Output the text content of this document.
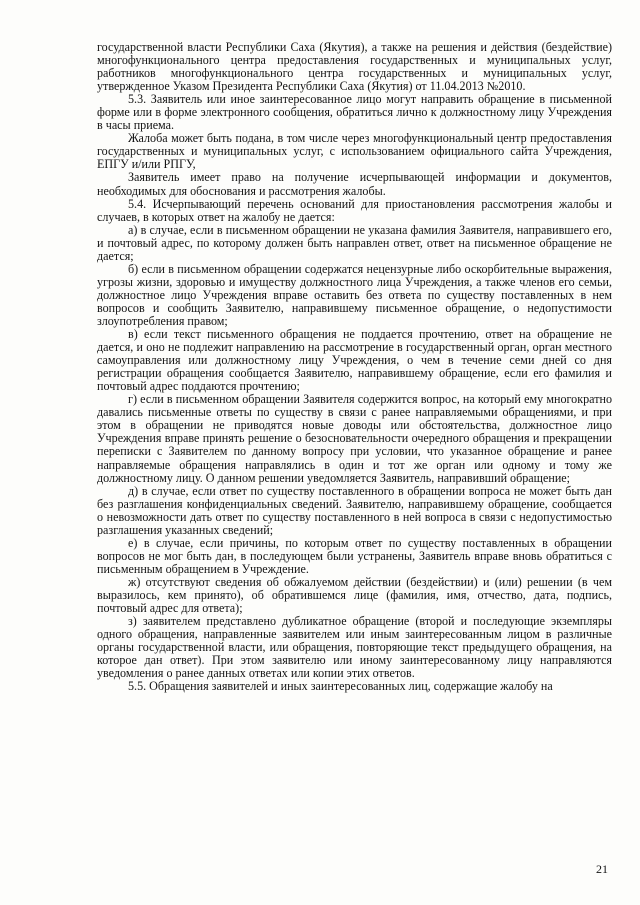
государственной власти Республики Саха (Якутия), а также на решения и действия (бездействие) многофункционального центра предоставления государственных и муниципальных услуг, работников многофункционального центра государственных и муниципальных услуг, утвержденное Указом Президента Республики Саха (Якутия) от 11.04.2013 №2010.

5.3. Заявитель или иное заинтересованное лицо могут направить обращение в письменной форме или в форме электронного сообщения, обратиться лично к должностному лицу Учреждения в часы приема.

Жалоба может быть подана, в том числе через многофункциональный центр предоставления государственных и муниципальных услуг, с использованием официального сайта Учреждения, ЕПГУ и/или РПГУ,

Заявитель имеет право на получение исчерпывающей информации и документов, необходимых для обоснования и рассмотрения жалобы.

5.4. Исчерпывающий перечень оснований для приостановления рассмотрения жалобы и случаев, в которых ответ на жалобу не дается:

а) в случае, если в письменном обращении не указана фамилия Заявителя, направившего его, и почтовый адрес, по которому должен быть направлен ответ, ответ на письменное обращение не дается;

б) если в письменном обращении содержатся нецензурные либо оскорбительные выражения, угрозы жизни, здоровью и имуществу должностного лица Учреждения, а также членов его семьи, должностное лицо Учреждения вправе оставить без ответа по существу поставленных в нем вопросов и сообщить Заявителю, направившему письменное обращение, о недопустимости злоупотребления правом;

в) если текст письменного обращения не поддается прочтению, ответ на обращение не дается, и оно не подлежит направлению на рассмотрение в государственный орган, орган местного самоуправления или должностному лицу Учреждения, о чем в течение семи дней со дня регистрации обращения сообщается Заявителю, направившему обращение, если его фамилия и почтовый адрес поддаются прочтению;

г) если в письменном обращении Заявителя содержится вопрос, на который ему многократно давались письменные ответы по существу в связи с ранее направляемыми обращениями, и при этом в обращении не приводятся новые доводы или обстоятельства, должностное лицо Учреждения вправе принять решение о безосновательности очередного обращения и прекращении переписки с Заявителем по данному вопросу при условии, что указанное обращение и ранее направляемые обращения направлялись в один и тот же орган или одному и тому же должностному лицу. О данном решении уведомляется Заявитель, направивший обращение;

д) в случае, если ответ по существу поставленного в обращении вопроса не может быть дан без разглашения конфиденциальных сведений. Заявителю, направившему обращение, сообщается о невозможности дать ответ по существу поставленного в ней вопроса в связи с недопустимостью разглашения указанных сведений;

е) в случае, если причины, по которым ответ по существу поставленных в обращении вопросов не мог быть дан, в последующем были устранены, Заявитель вправе вновь обратиться с письменным обращением в Учреждение.

ж) отсутствуют сведения об обжалуемом действии (бездействии) и (или) решении (в чем выразилось, кем принято), об обратившемся лице (фамилия, имя, отчество, дата, подпись, почтовый адрес для ответа);

з) заявителем представлено дубликатное обращение (второй и последующие экземпляры одного обращения, направленные заявителем или иным заинтересованным лицом в различные органы государственной власти, или обращения, повторяющие текст предыдущего обращения, на которое дан ответ). При этом заявителю или иному заинтересованному лицу направляются уведомления о ранее данных ответах или копии этих ответов.

5.5. Обращения заявителей и иных заинтересованных лиц, содержащие жалобу на

21
